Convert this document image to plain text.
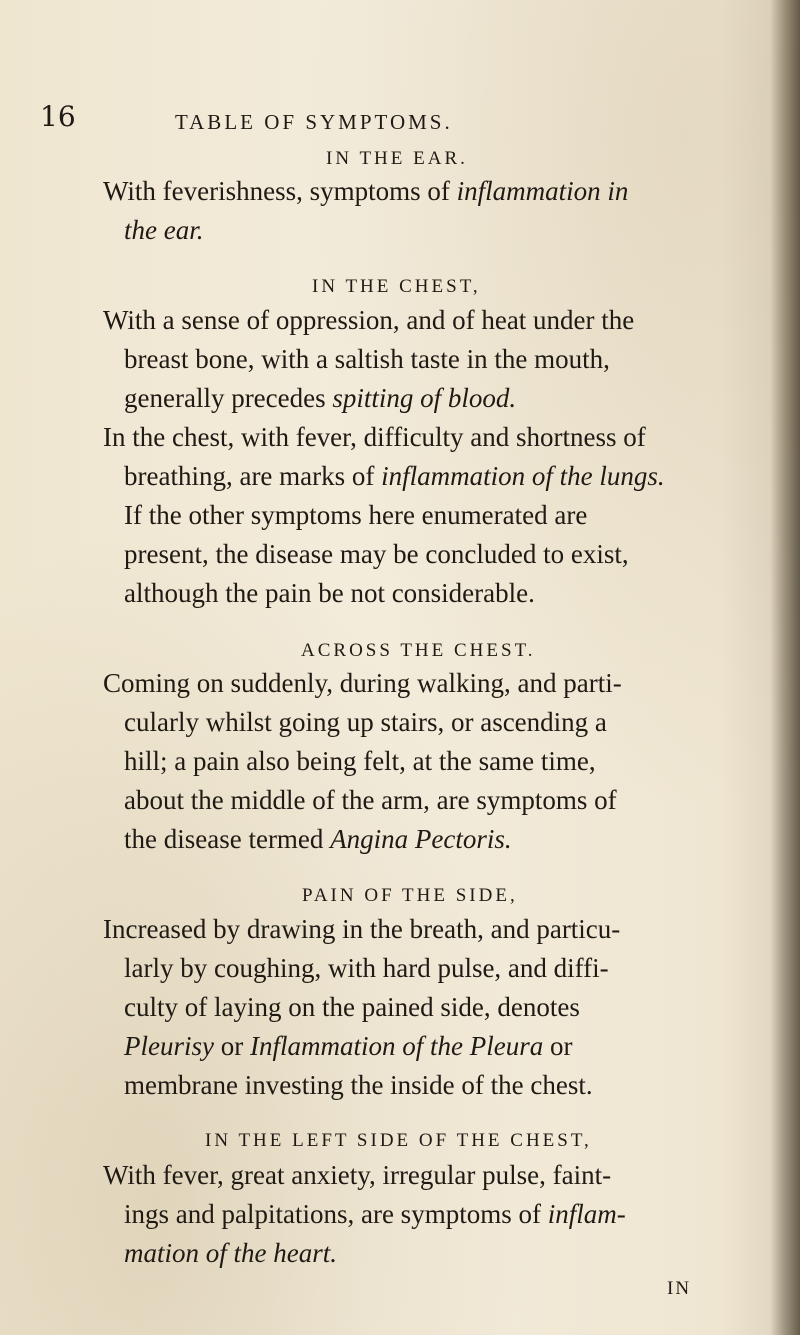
16	TABLE OF SYMPTOMS.
IN THE EAR.
With feverishness, symptoms of inflammation in
the ear.
IN THE CHEST,
With a sense of oppression, and of heat under the
breast bone, with a saltish taste in the mouth,
generally precedes spitting of blood.
In the chest, with fever, difficulty and shortness of
breathing, are marks of inflammation of the lungs.
If the other symptoms here enumerated are
present, the disease may be concluded to exist,
although the pain be not considerable.
ACROSS THE CHEST.
Coming on suddenly, during walking, and parti-
cularly whilst going up stairs, or ascending a
hill; a pain also being felt, at the same time,
about the middle of the arm, are symptoms of
the disease termed Angina Pectoris.
PAIN OF THE SIDE,
Increased by drawing in the breath, and particu-
larly by coughing, with hard pulse, and diffi-
culty of laying on the pained side, denotes
Pleurisy or Inflammation of the Pleura or
membrane investing the inside of the chest.
IN THE LEFT SIDE OF THE CHEST,
With fever, great anxiety, irregular pulse, faint-
ings and palpitations, are symptoms of inflam-
mation of the heart.
IN
